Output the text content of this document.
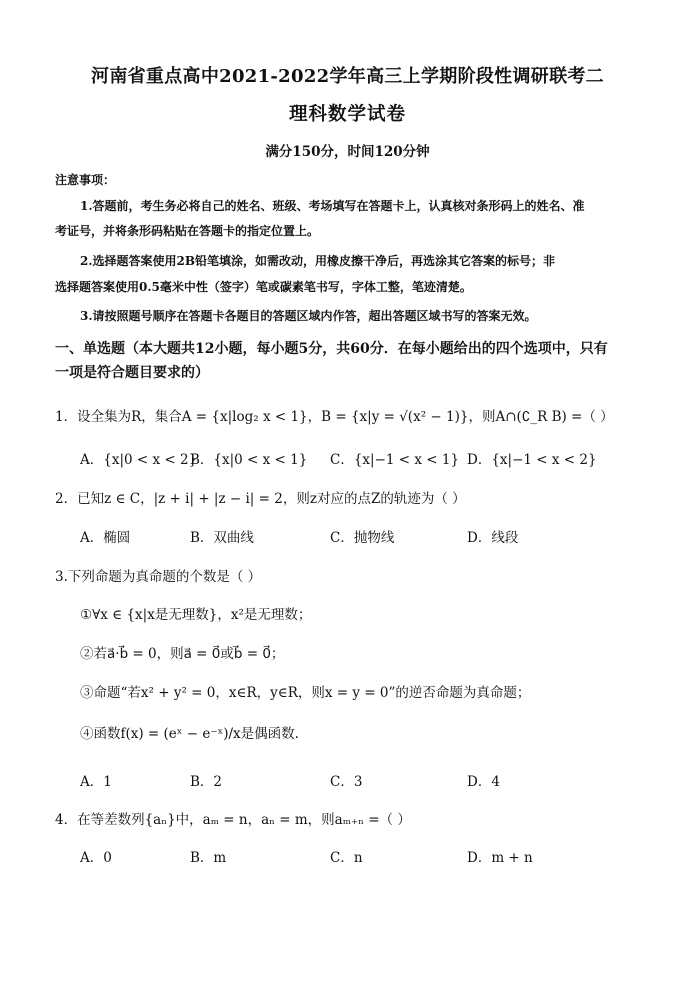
河南省重点高中2021-2022学年高三上学期阶段性调研联考二
理科数学试卷
满分150分，时间120分钟
注意事项：
1.答题前，考生务必将自己的姓名、班级、考场填写在答题卡上，认真核对条形码上的姓名、准
考证号，并将条形码粘贴在答题卡的指定位置上。
2.选择题答案使用2B铅笔填涂，如需改动，用橡皮擦干净后，再选涂其它答案的标号；非
选择题答案使用0.5毫米中性（签字）笔或碳素笔书写，字体工整，笔迹清楚。
3.请按照题号顺序在答题卡各题目的答题区域内作答，超出答题区域书写的答案无效。
一、单选题（本大题共12小题，每小题5分，共60分．在每小题给出的四个选项中，只有
一项是符合题目要求的）
1．设全集为R，集合A = {x|log₂ x < 1}，B = {x|y = √(x² − 1)}，则A∩(∁_R B) =（ ）
A．{x|0 < x < 2}
B．{x|0 < x < 1} C．{x|−1 < x < 1} D．{x|−1 < x < 2}
2．已知z ∈ C，|z + i| + |z − i| = 2，则z对应的点Z的轨迹为（ ）
A．椭圆	B．双曲线	C．抛物线	D．线段
3.下列命题为真命题的个数是（ ）
①∀x ∈ {x|x是无理数}，x²是无理数；
②若a⃗·b⃗ = 0，则a⃗ = 0⃗或b⃗ = 0⃗；
③命题“若x² + y² = 0，x∈R，y∈R，则x = y = 0”的逆否命题为真命题；
④函数f(x) = (eˣ − e⁻ˣ)/x是偶函数.
A．1	B．2	C．3	D．4
4．在等差数列{aₙ}中，aₘ = n，aₙ = m，则aₘ₊ₙ =（ ）
A．0	B．m	C．n	D．m + n
